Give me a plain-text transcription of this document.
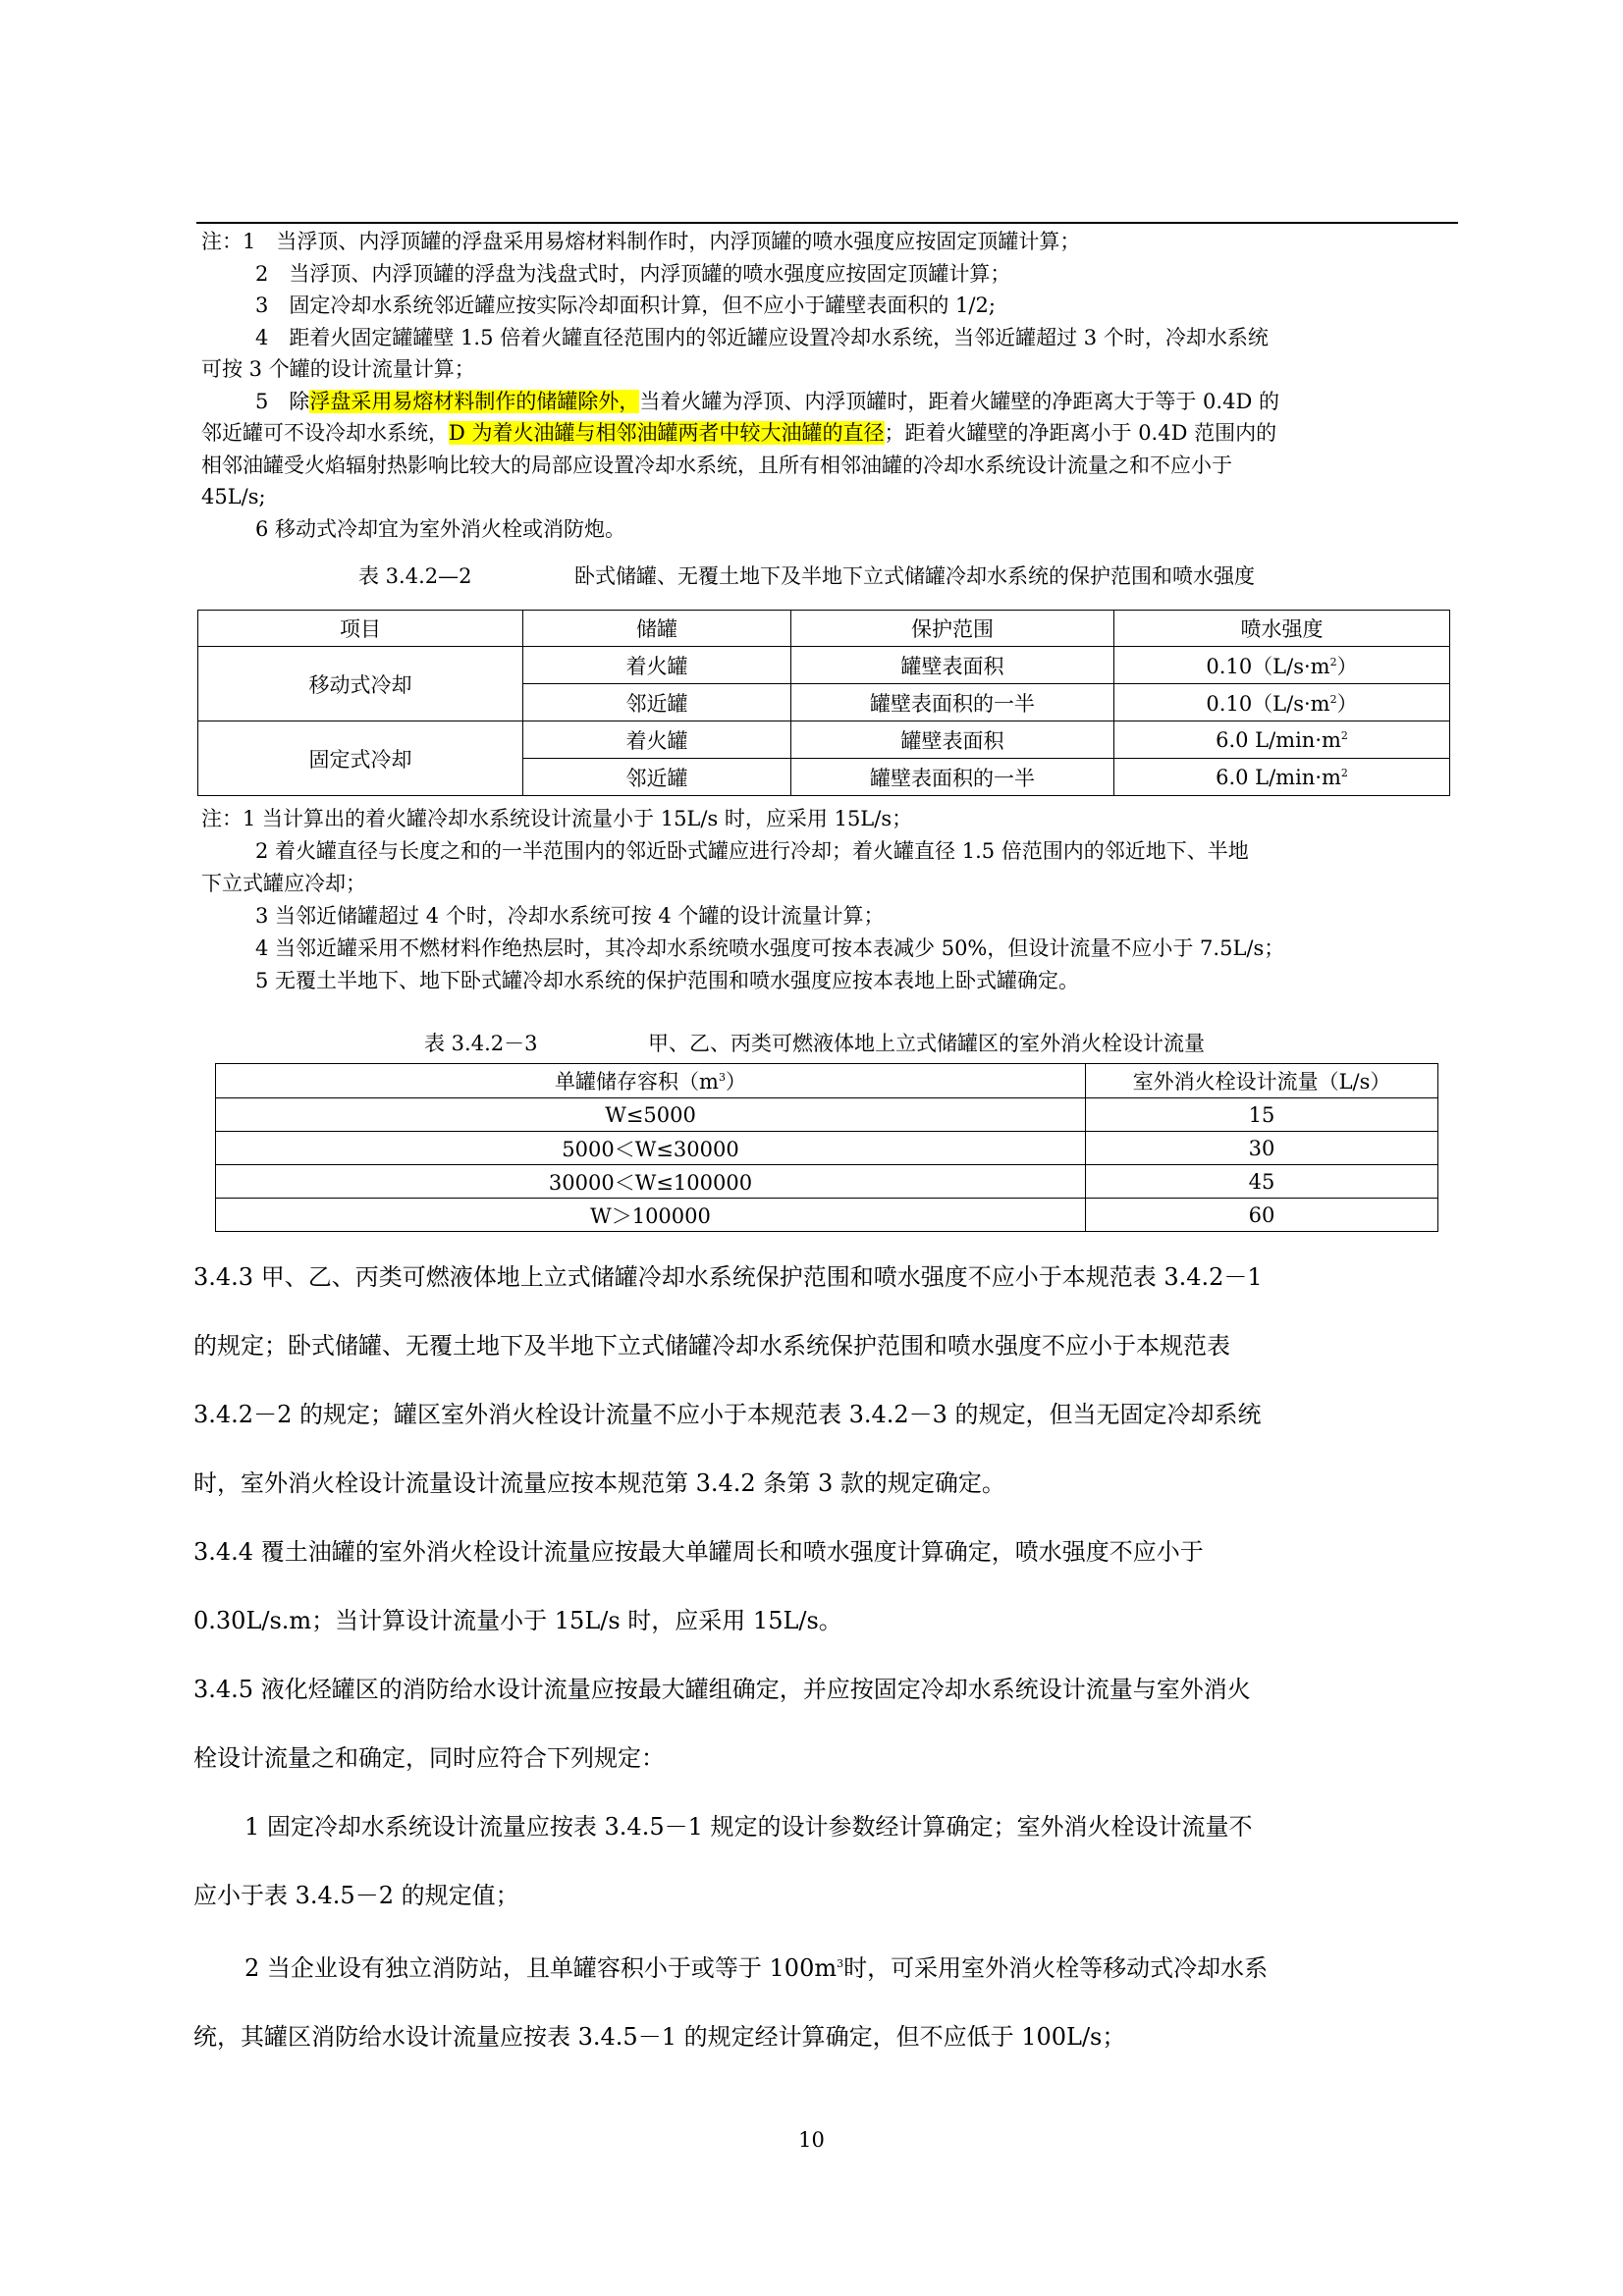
注：1　当浮顶、内浮顶罐的浮盘采用易熔材料制作时，内浮顶罐的喷水强度应按固定顶罐计算；

2　当浮顶、内浮顶罐的浮盘为浅盘式时，内浮顶罐的喷水强度应按固定顶罐计算；

3　固定冷却水系统邻近罐应按实际冷却面积计算，但不应小于罐壁表面积的 1/2;

4　距着火固定罐罐壁 1.5 倍着火罐直径范围内的邻近罐应设置冷却水系统，当邻近罐超过 3 个时，冷却水系统

可按 3 个罐的设计流量计算；

5　除浮盘采用易熔材料制作的储罐除外，当着火罐为浮顶、内浮顶罐时，距着火罐壁的净距离大于等于 0.4D 的

邻近罐可不设冷却水系统，D 为着火油罐与相邻油罐两者中较大油罐的直径；距着火罐壁的净距离小于 0.4D 范围内的

相邻油罐受火焰辐射热影响比较大的局部应设置冷却水系统，且所有相邻油罐的冷却水系统设计流量之和不应小于

45L/s;

6 移动式冷却宜为室外消火栓或消防炮。

表 3.4.2—2	卧式储罐、无覆土地下及半地下立式储罐冷却水系统的保护范围和喷水强度
项目	储罐	保护范围	喷水强度
移动式冷却	着火罐	罐壁表面积	$0.10(L/s\cdot m^2)$
	邻近罐	罐壁表面积的一半	$0.10(L/s\cdot m^2)$
固定式冷却	着火罐	罐壁表面积	6.0 $L/\min\cdot m^2$
	邻近罐	罐壁表面积的一半	6.0 $L/\min\cdot m^2$

注：1 当计算出的着火罐冷却水系统设计流量小于 15L/s 时，应采用 15L/s；

2 着火罐直径与长度之和的一半范围内的邻近卧式罐应进行冷却；着火罐直径 1.5 倍范围内的邻近地下、半地

下立式罐应冷却；

3 当邻近储罐超过 4 个时，冷却水系统可按 4 个罐的设计流量计算；

4 当邻近罐采用不燃材料作绝热层时，其冷却水系统喷水强度可按本表减少 50%，但设计流量不应小于 7.5L/s；

5 无覆土半地下、地下卧式罐冷却水系统的保护范围和喷水强度应按本表地上卧式罐确定。

表 3.4.2－3	甲、乙、丙类可燃液体地上立式储罐区的室外消火栓设计流量
单罐储存容积$(m^3)$	室外消火栓设计流量（L/s）
W≤5000	15
5000＜W≤30000	30
30000＜W≤100000	45
W＞100000	60

3.4.3 甲、乙、丙类可燃液体地上立式储罐冷却水系统保护范围和喷水强度不应小于本规范表 3.4.2－1

的规定；卧式储罐、无覆土地下及半地下立式储罐冷却水系统保护范围和喷水强度不应小于本规范表

3.4.2－2 的规定；罐区室外消火栓设计流量不应小于本规范表 3.4.2－3 的规定，但当无固定冷却系统

时，室外消火栓设计流量设计流量应按本规范第 3.4.2 条第 3 款的规定确定。

3.4.4 覆土油罐的室外消火栓设计流量应按最大单罐周长和喷水强度计算确定，喷水强度不应小于

0.30L/s.m；当计算设计流量小于 15L/s 时，应采用 15L/s。

3.4.5 液化烃罐区的消防给水设计流量应按最大罐组确定，并应按固定冷却水系统设计流量与室外消火

栓设计流量之和确定，同时应符合下列规定：

1 固定冷却水系统设计流量应按表 3.4.5－1 规定的设计参数经计算确定；室外消火栓设计流量不

应小于表 3.4.5－2 的规定值；

2 当企业设有独立消防站，且单罐容积小于或等于 $100m^3$时，可采用室外消火栓等移动式冷却水系

统，其罐区消防给水设计流量应按表 3.4.5－1 的规定经计算确定，但不应低于 100L/s；

10
